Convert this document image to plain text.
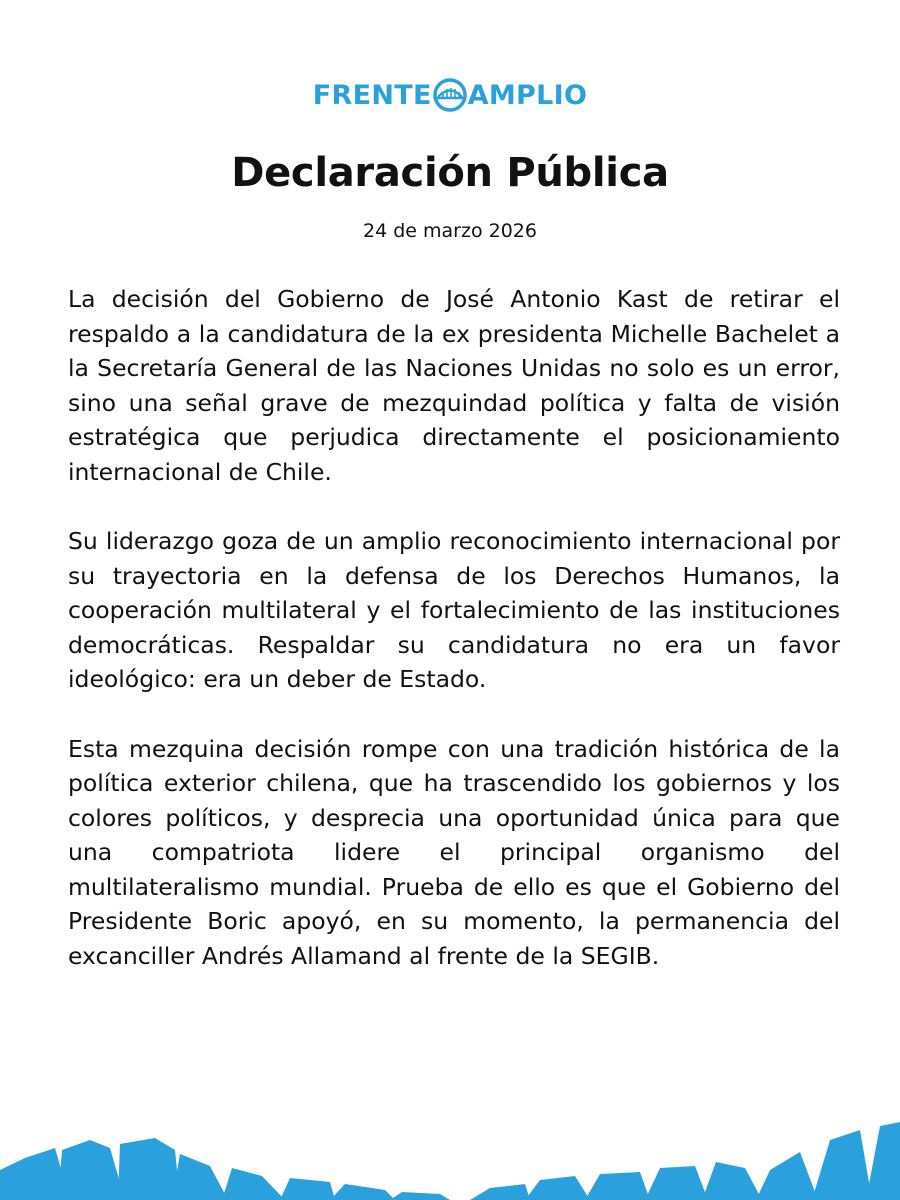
FRENTE AMPLIO
Declaración Pública
24 de marzo 2026

La decisión del Gobierno de José Antonio Kast de retirar el respaldo a la candidatura de la ex presidenta Michelle Bachelet a la Secretaría General de las Naciones Unidas no solo es un error, sino una señal grave de mezquindad política y falta de visión estratégica que perjudica directamente el posicionamiento internacional de Chile.

Su liderazgo goza de un amplio reconocimiento internacional por su trayectoria en la defensa de los Derechos Humanos, la cooperación multilateral y el fortalecimiento de las instituciones democráticas. Respaldar su candidatura no era un favor ideológico: era un deber de Estado.

Esta mezquina decisión rompe con una tradición histórica de la política exterior chilena, que ha trascendido los gobiernos y los colores políticos, y desprecia una oportunidad única para que una compatriota lidere el principal organismo del multilateralismo mundial. Prueba de ello es que el Gobierno del Presidente Boric apoyó, en su momento, la permanencia del excanciller Andrés Allamand al frente de la SEGIB.
